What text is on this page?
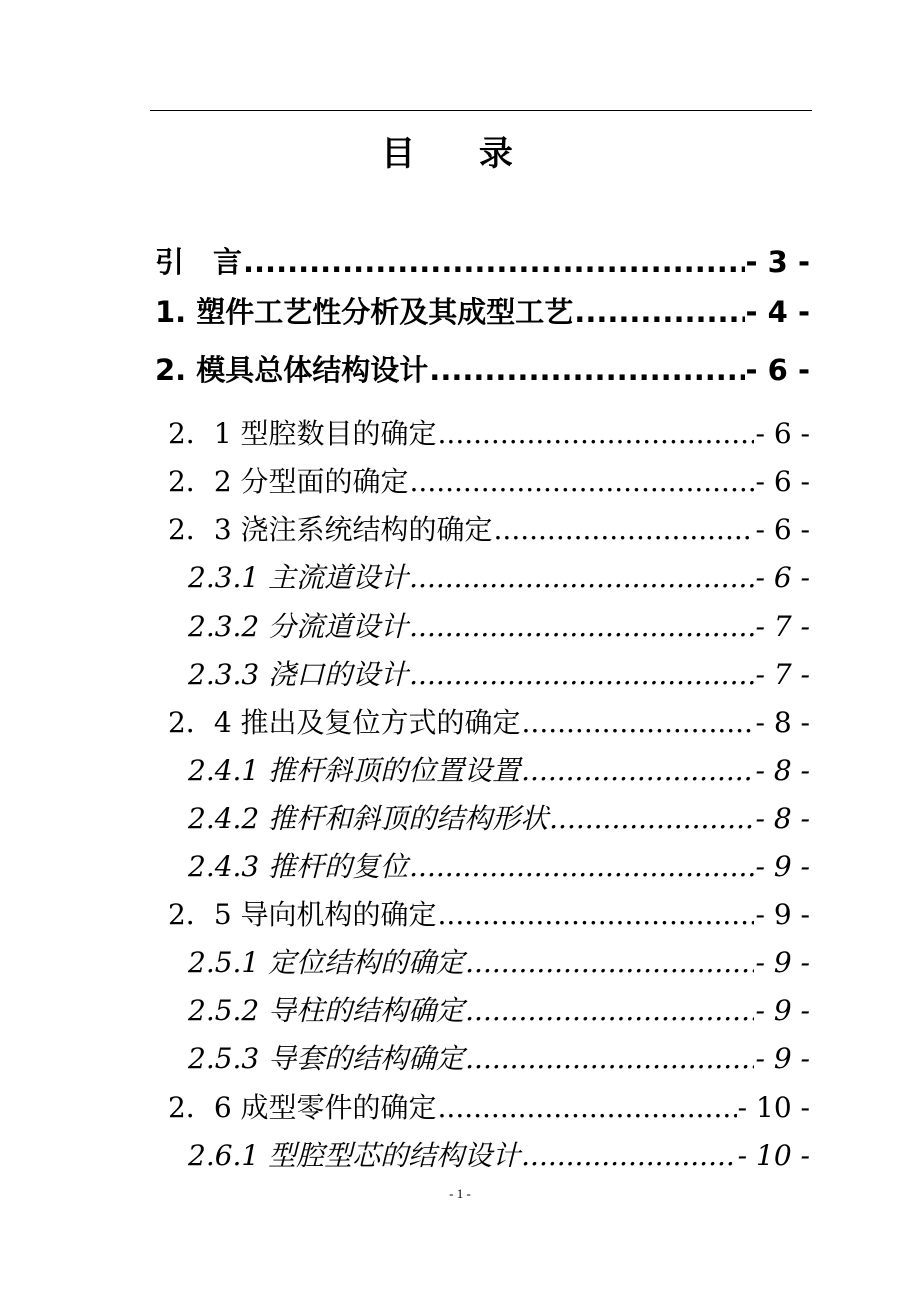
目 录
引　言 .....	- 3 -
1. 塑件工艺性分析及其成型工艺 .....	- 4 -
2. 模具总体结构设计 .....	- 6 -
2．1 型腔数目的确定 .....	- 6 -
2．2 分型面的确定 .....	- 6 -
2．3 浇注系统结构的确定 .....	- 6 -
2.3.1 主流道设计 .....	- 6 -
2.3.2 分流道设计 .....	- 7 -
2.3.3 浇口的设计 .....	- 7 -
2．4 推出及复位方式的确定 .....	- 8 -
2.4.1 推杆斜顶的位置设置 .....	- 8 -
2.4.2 推杆和斜顶的结构形状 .....	- 8 -
2.4.3 推杆的复位 .....	- 9 -
2．5 导向机构的确定 .....	- 9 -
2.5.1 定位结构的确定 .....	- 9 -
2.5.2 导柱的结构确定 .....	- 9 -
2.5.3 导套的结构确定 .....	- 9 -
2．6 成型零件的确定 .....	- 10 -
2.6.1 型腔型芯的结构设计 .....	- 10 -
- 1 -
